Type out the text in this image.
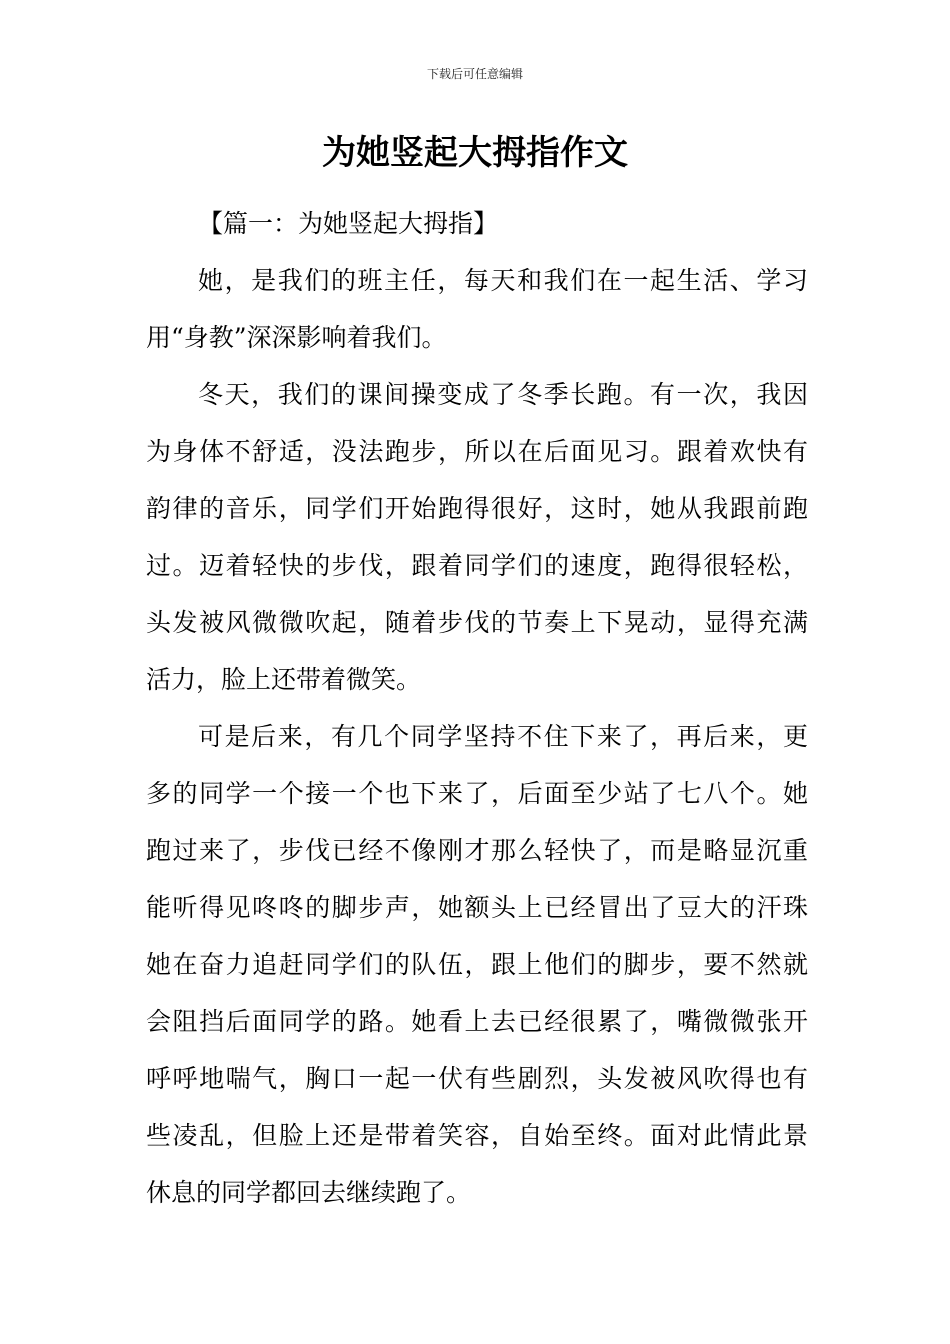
下载后可任意编辑
为她竖起大拇指作文
【篇一：为她竖起大拇指】
她，是我们的班主任，每天和我们在一起生活、学习
用“身教”深深影响着我们。
冬天，我们的课间操变成了冬季长跑。有一次，我因
为身体不舒适，没法跑步，所以在后面见习。跟着欢快有
韵律的音乐，同学们开始跑得很好，这时，她从我跟前跑
过。迈着轻快的步伐，跟着同学们的速度，跑得很轻松，
头发被风微微吹起，随着步伐的节奏上下晃动，显得充满
活力，脸上还带着微笑。
可是后来，有几个同学坚持不住下来了，再后来，更
多的同学一个接一个也下来了，后面至少站了七八个。她
跑过来了，步伐已经不像刚才那么轻快了，而是略显沉重
能听得见咚咚的脚步声，她额头上已经冒出了豆大的汗珠
她在奋力追赶同学们的队伍，跟上他们的脚步，要不然就
会阻挡后面同学的路。她看上去已经很累了，嘴微微张开
呼呼地喘气，胸口一起一伏有些剧烈，头发被风吹得也有
些凌乱，但脸上还是带着笑容，自始至终。面对此情此景
休息的同学都回去继续跑了。
